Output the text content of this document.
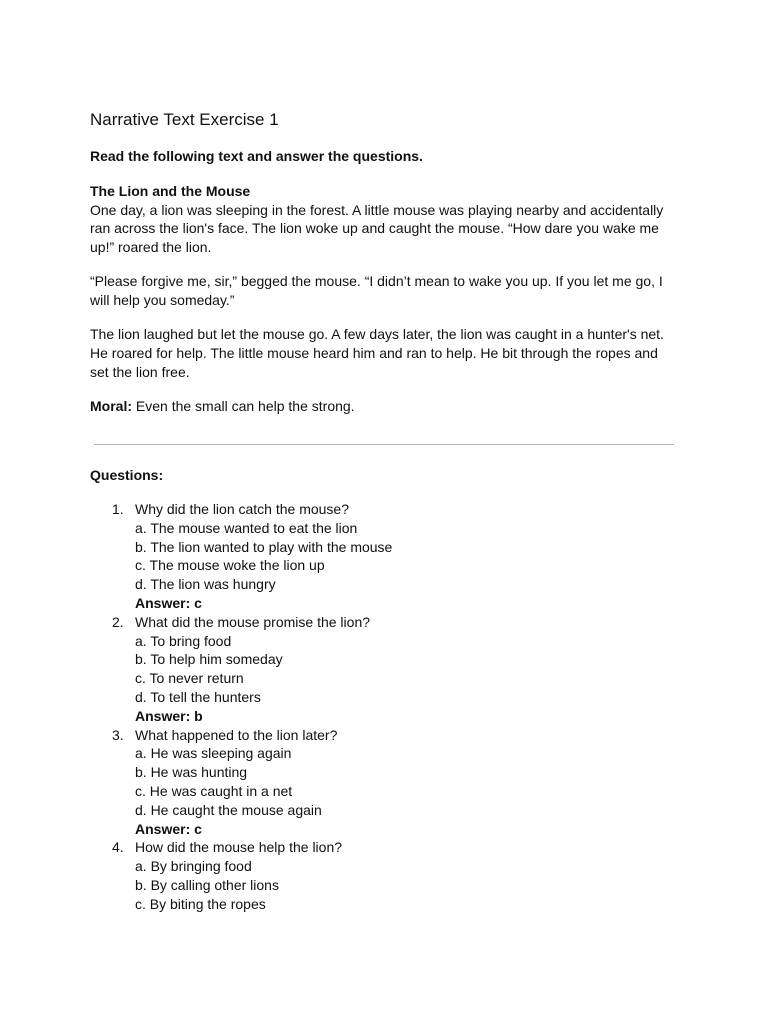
Narrative Text Exercise 1
Read the following text and answer the questions.
The Lion and the Mouse

One day, a lion was sleeping in the forest. A little mouse was playing nearby and accidentally ran across the lion's face. The lion woke up and caught the mouse. “How dare you wake me up!” roared the lion.

“Please forgive me, sir,” begged the mouse. “I didn’t mean to wake you up. If you let me go, I will help you someday.”

The lion laughed but let the mouse go. A few days later, the lion was caught in a hunter's net. He roared for help. The little mouse heard him and ran to help. He bit through the ropes and set the lion free.

Moral: Even the small can help the strong.

Questions:
1. Why did the lion catch the mouse?
a. The mouse wanted to eat the lion
b. The lion wanted to play with the mouse
c. The mouse woke the lion up
d. The lion was hungry
Answer: c
2. What did the mouse promise the lion?
a. To bring food
b. To help him someday
c. To never return
d. To tell the hunters
Answer: b
3. What happened to the lion later?
a. He was sleeping again
b. He was hunting
c. He was caught in a net
d. He caught the mouse again
Answer: c
4. How did the mouse help the lion?
a. By bringing food
b. By calling other lions
c. By biting the ropes
